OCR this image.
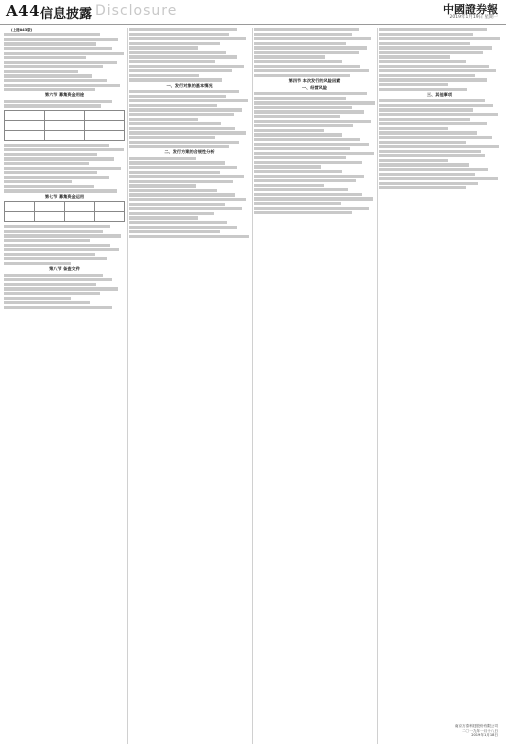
A44 信息披露 Disclosure	中國證券報
2019年1月19日 星期一

(上接A43版)

第六节 募集资金用途

第七节 募集资金运用

第八节 备查文件

一、发行对象的基本情况

二、发行方案的合规性分析

第四节 本次发行的风险因素
一、经营风险

三、其他事项

南京万泰科技股份有限公司
二〇一九年一月十八日
2019年1月18日
